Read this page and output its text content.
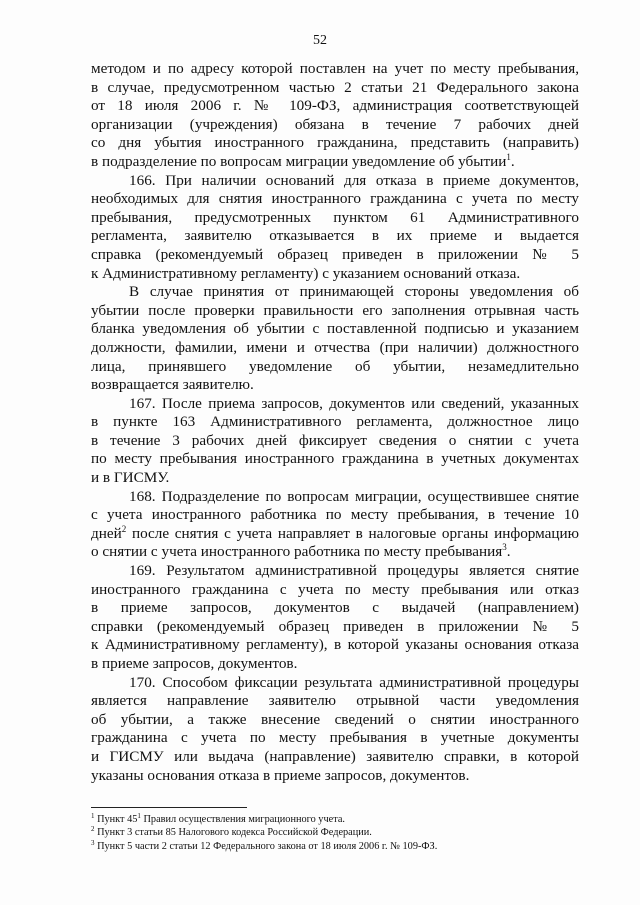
52
методом и по адресу которой поставлен на учет по месту пребывания,
в случае, предусмотренном частью 2 статьи 21 Федерального закона
от 18 июля 2006 г. № 109-ФЗ, администрация соответствующей
организации (учреждения) обязана в течение 7 рабочих дней
со дня убытия иностранного гражданина, представить (направить)
в подразделение по вопросам миграции уведомление об убытии$^1$.
166. При наличии оснований для отказа в приеме документов,
необходимых для снятия иностранного гражданина с учета по месту
пребывания, предусмотренных пунктом 61 Административного
регламента, заявителю отказывается в их приеме и выдается
справка (рекомендуемый образец приведен в приложении № 5
к Административному регламенту) с указанием оснований отказа.
В случае принятия от принимающей стороны уведомления об
убытии после проверки правильности его заполнения отрывная часть
бланка уведомления об убытии с поставленной подписью и указанием
должности, фамилии, имени и отчества (при наличии) должностного
лица, принявшего уведомление об убытии, незамедлительно
возвращается заявителю.
167. После приема запросов, документов или сведений, указанных
в пункте 163 Административного регламента, должностное лицо
в течение 3 рабочих дней фиксирует сведения о снятии с учета
по месту пребывания иностранного гражданина в учетных документах
и в ГИСМУ.
168. Подразделение по вопросам миграции, осуществившее снятие
с учета иностранного работника по месту пребывания, в течение 10
дней$^2$ после снятия с учета направляет в налоговые органы информацию
о снятии с учета иностранного работника по месту пребывания$^3$.
169. Результатом административной процедуры является снятие
иностранного гражданина с учета по месту пребывания или отказ
в приеме запросов, документов с выдачей (направлением)
справки (рекомендуемый образец приведен в приложении № 5
к Административному регламенту), в которой указаны основания отказа
в приеме запросов, документов.
170. Способом фиксации результата административной процедуры
является направление заявителю отрывной части уведомления
об убытии, а также внесение сведений о снятии иностранного
гражданина с учета по месту пребывания в учетные документы
и ГИСМУ или выдача (направление) заявителю справки, в которой
указаны основания отказа в приеме запросов, документов.
$^1$ Пункт $45^1$ Правил осуществления миграционного учета.
$^2$ Пункт 3 статьи 85 Налогового кодекса Российской Федерации.
$^3$ Пункт 5 части 2 статьи 12 Федерального закона от 18 июля 2006 г. № 109-ФЗ.
